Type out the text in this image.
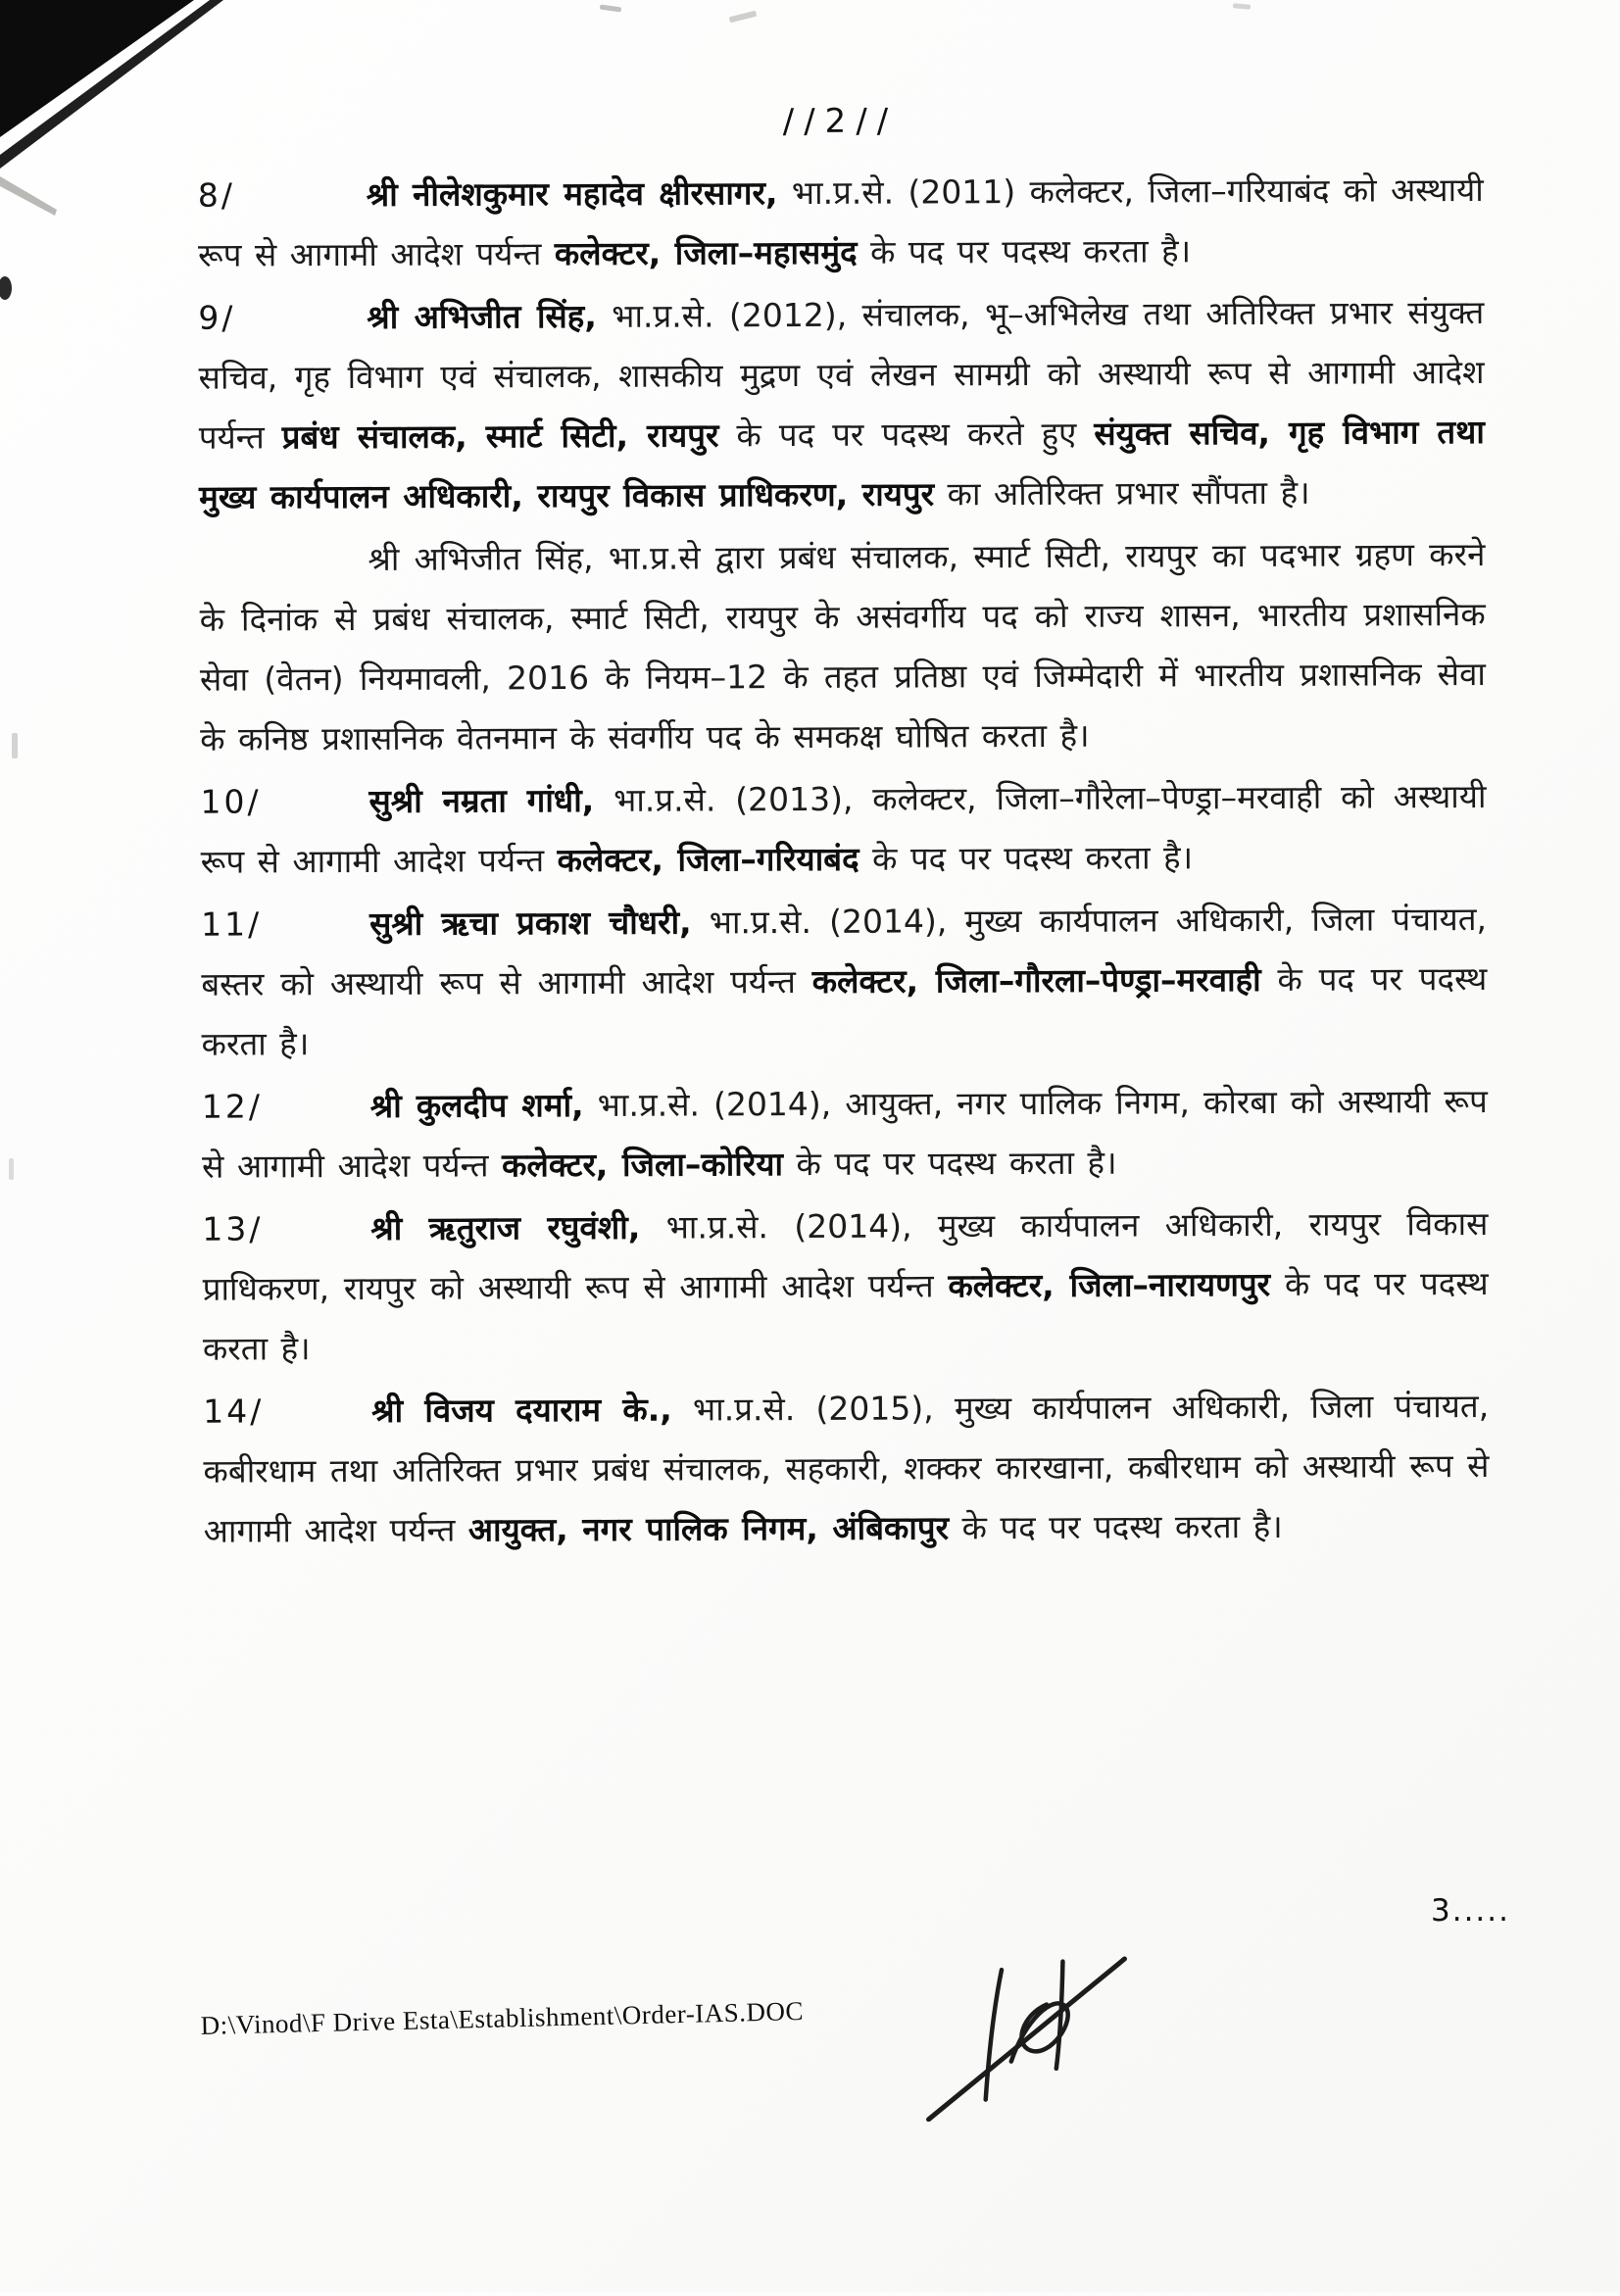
//2//
8/	श्री नीलेशकुमार महादेव क्षीरसागर, भा.प्र.से. (2011) कलेक्टर, जिला–गरियाबंद को अस्थायी रूप से आगामी आदेश पर्यन्त कलेक्टर, जिला–महासमुंद के पद पर पदस्थ करता है।
9/	श्री अभिजीत सिंह, भा.प्र.से. (2012), संचालक, भू–अभिलेख तथा अतिरिक्त प्रभार संयुक्त सचिव, गृह विभाग एवं संचालक, शासकीय मुद्रण एवं लेखन सामग्री को अस्थायी रूप से आगामी आदेश पर्यन्त प्रबंध संचालक, स्मार्ट सिटी, रायपुर के पद पर पदस्थ करते हुए संयुक्त सचिव, गृह विभाग तथा मुख्य कार्यपालन अधिकारी, रायपुर विकास प्राधिकरण, रायपुर का अतिरिक्त प्रभार सौंपता है।
श्री अभिजीत सिंह, भा.प्र.से द्वारा प्रबंध संचालक, स्मार्ट सिटी, रायपुर का पदभार ग्रहण करने के दिनांक से प्रबंध संचालक, स्मार्ट सिटी, रायपुर के असंवर्गीय पद को राज्य शासन, भारतीय प्रशासनिक सेवा (वेतन) नियमावली, 2016 के नियम–12 के तहत प्रतिष्ठा एवं जिम्मेदारी में भारतीय प्रशासनिक सेवा के कनिष्ठ प्रशासनिक वेतनमान के संवर्गीय पद के समकक्ष घोषित करता है।
10/	सुश्री नम्रता गांधी, भा.प्र.से. (2013), कलेक्टर, जिला–गौरेला–पेण्ड्रा–मरवाही को अस्थायी रूप से आगामी आदेश पर्यन्त कलेक्टर, जिला–गरियाबंद के पद पर पदस्थ करता है।
11/	सुश्री ऋचा प्रकाश चौधरी, भा.प्र.से. (2014), मुख्य कार्यपालन अधिकारी, जिला पंचायत, बस्तर को अस्थायी रूप से आगामी आदेश पर्यन्त कलेक्टर, जिला–गौरला–पेण्ड्रा–मरवाही के पद पर पदस्थ करता है।
12/	श्री कुलदीप शर्मा, भा.प्र.से. (2014), आयुक्त, नगर पालिक निगम, कोरबा को अस्थायी रूप से आगामी आदेश पर्यन्त कलेक्टर, जिला–कोरिया के पद पर पदस्थ करता है।
13/	श्री ऋतुराज रघुवंशी, भा.प्र.से. (2014), मुख्य कार्यपालन अधिकारी, रायपुर विकास प्राधिकरण, रायपुर को अस्थायी रूप से आगामी आदेश पर्यन्त कलेक्टर, जिला–नारायणपुर के पद पर पदस्थ करता है।
14/	श्री विजय दयाराम के., भा.प्र.से. (2015), मुख्य कार्यपालन अधिकारी, जिला पंचायत, कबीरधाम तथा अतिरिक्त प्रभार प्रबंध संचालक, सहकारी, शक्कर कारखाना, कबीरधाम को अस्थायी रूप से आगामी आदेश पर्यन्त आयुक्त, नगर पालिक निगम, अंबिकापुर के पद पर पदस्थ करता है।
3.....
D:\Vinod\F Drive Esta\Establishment\Order-IAS.DOC
